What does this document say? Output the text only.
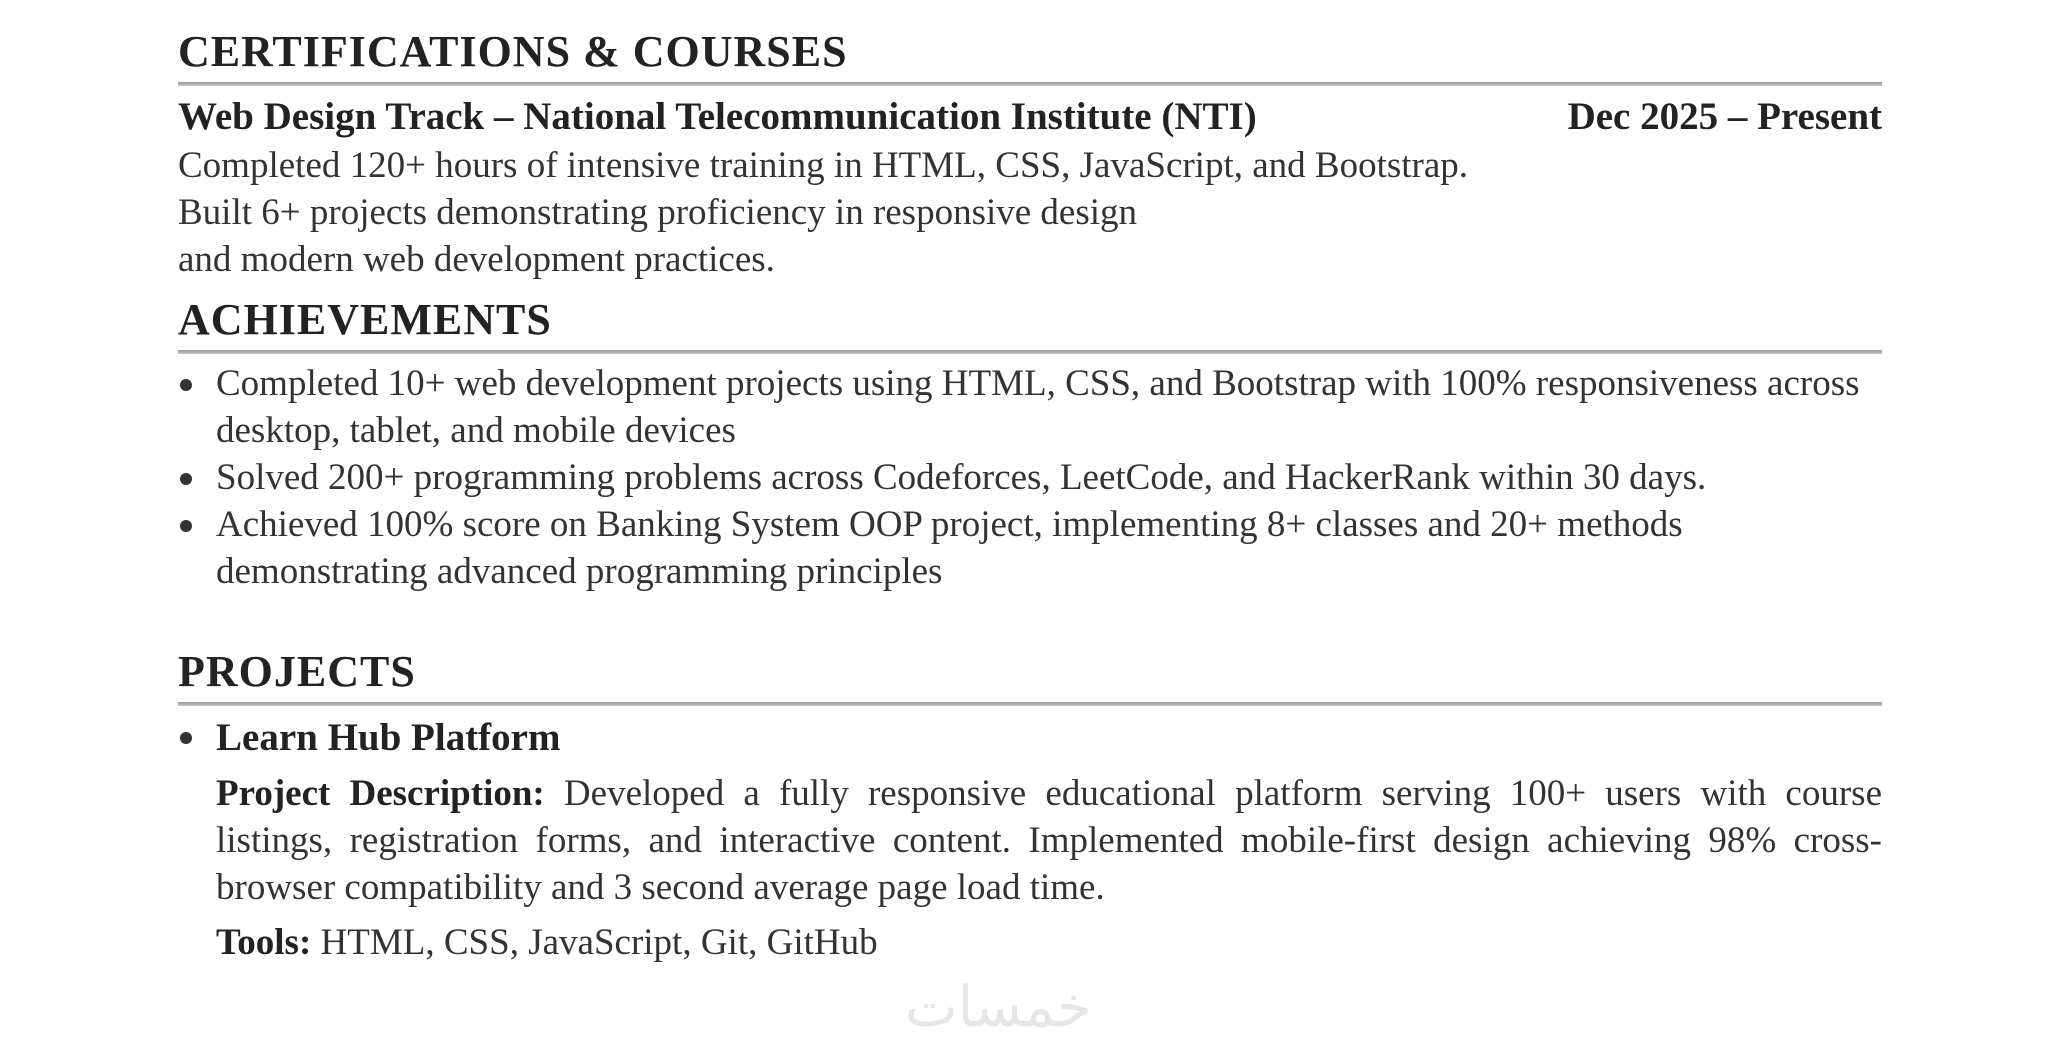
CERTIFICATIONS & COURSES
Web Design Track – National Telecommunication Institute (NTI)	Dec 2025 – Present
Completed 120+ hours of intensive training in HTML, CSS, JavaScript, and Bootstrap.
Built 6+ projects demonstrating proficiency in responsive design
and modern web development practices.
ACHIEVEMENTS
Completed 10+ web development projects using HTML, CSS, and Bootstrap with 100% responsiveness across desktop, tablet, and mobile devices
Solved 200+ programming problems across Codeforces, LeetCode, and HackerRank within 30 days.
Achieved 100% score on Banking System OOP project, implementing 8+ classes and 20+ methods demonstrating advanced programming principles
PROJECTS
Learn Hub Platform
Project Description: Developed a fully responsive educational platform serving 100+ users with course listings, registration forms, and interactive content. Implemented mobile-first design achieving 98% cross-browser compatibility and 3 second average page load time.
Tools: HTML, CSS, JavaScript, Git, GitHub
خمسات
